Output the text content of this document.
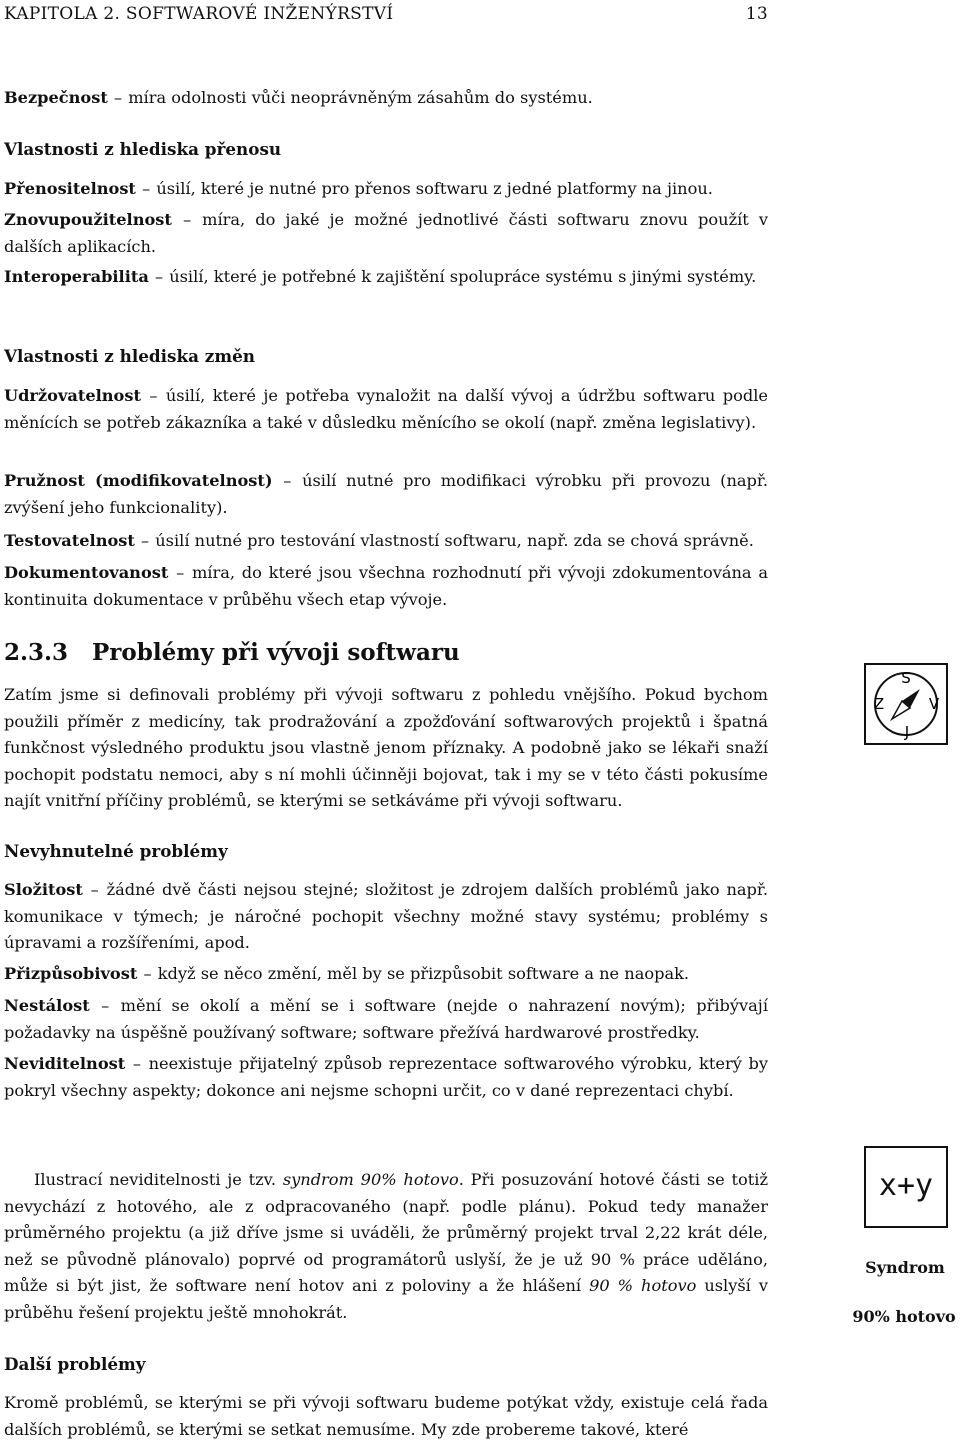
KAPITOLA 2. SOFTWAROVÉ INŽENÝRSTVÍ	13

Bezpečnost – míra odolnosti vůči neoprávněným zásahům do systému.

Vlastnosti z hlediska přenosu

Přenositelnost – úsilí, které je nutné pro přenos softwaru z jedné platformy na jinou.

Znovupoužitelnost – míra, do jaké je možné jednotlivé části softwaru znovu použít v dalších aplikacích.

Interoperabilita – úsilí, které je potřebné k zajištění spolupráce systému s jinými systémy.

Vlastnosti z hlediska změn

Udržovatelnost – úsilí, které je potřeba vynaložit na další vývoj a údržbu softwaru podle měnících se potřeb zákazníka a také v důsledku měnícího se okolí (např. změna legislativy).

Pružnost (modifikovatelnost) – úsilí nutné pro modifikaci výrobku při provozu (např. zvýšení jeho funkcionality).

Testovatelnost – úsilí nutné pro testování vlastností softwaru, např. zda se chová správně.

Dokumentovanost – míra, do které jsou všechna rozhodnutí při vývoji zdokumentována a kontinuita dokumentace v průběhu všech etap vývoje.

2.3.3 Problémy při vývoji softwaru

Zatím jsme si definovali problémy při vývoji softwaru z pohledu vnějšího. Pokud bychom použili příměr z medicíny, tak prodražování a zpožďování softwarových projektů i špatná funkčnost výsledného produktu jsou vlastně jenom příznaky. A podobně jako se lékaři snaží pochopit podstatu nemoci, aby s ní mohli účinněji bojovat, tak i my se v této části pokusíme najít vnitřní příčiny problémů, se kterými se setkáváme při vývoji softwaru.

S
Z	V
J
Nevyhnutelné problémy

Složitost – žádné dvě části nejsou stejné; složitost je zdrojem dalších problémů jako např. komunikace v týmech; je náročné pochopit všechny možné stavy systému; problémy s úpravami a rozšířeními, apod.

Přizpůsobivost – když se něco změní, měl by se přizpůsobit software a ne naopak.

Nestálost – mění se okolí a mění se i software (nejde o nahrazení novým); přibývají požadavky na úspěšně používaný software; software přežívá hardwarové prostředky.

Neviditelnost – neexistuje přijatelný způsob reprezentace softwarového výrobku, který by pokryl všechny aspekty; dokonce ani nejsme schopni určit, co v dané reprezentaci chybí.

Ilustrací neviditelnosti je tzv. syndrom 90% hotovo. Při posuzování hotové části se totiž nevychází z hotového, ale z odpracovaného (např. podle plánu). Pokud tedy manažer průměrného projektu (a již dříve jsme si uváděli, že průměrný projekt trval 2,22 krát déle, než se původně plánovalo) poprvé od programátorů uslyší, že je už 90 % práce uděláno, může si být jist, že software není hotov ani z poloviny a že hlášení 90 % hotovo uslyší v průběhu řešení projektu ještě mnohokrát.

x+y
Syndrom
90% hotovo
Další problémy

Kromě problémů, se kterými se při vývoji softwaru budeme potýkat vždy, existuje celá řada dalších problémů, se kterými se setkat nemusíme. My zde probereme takové, které
